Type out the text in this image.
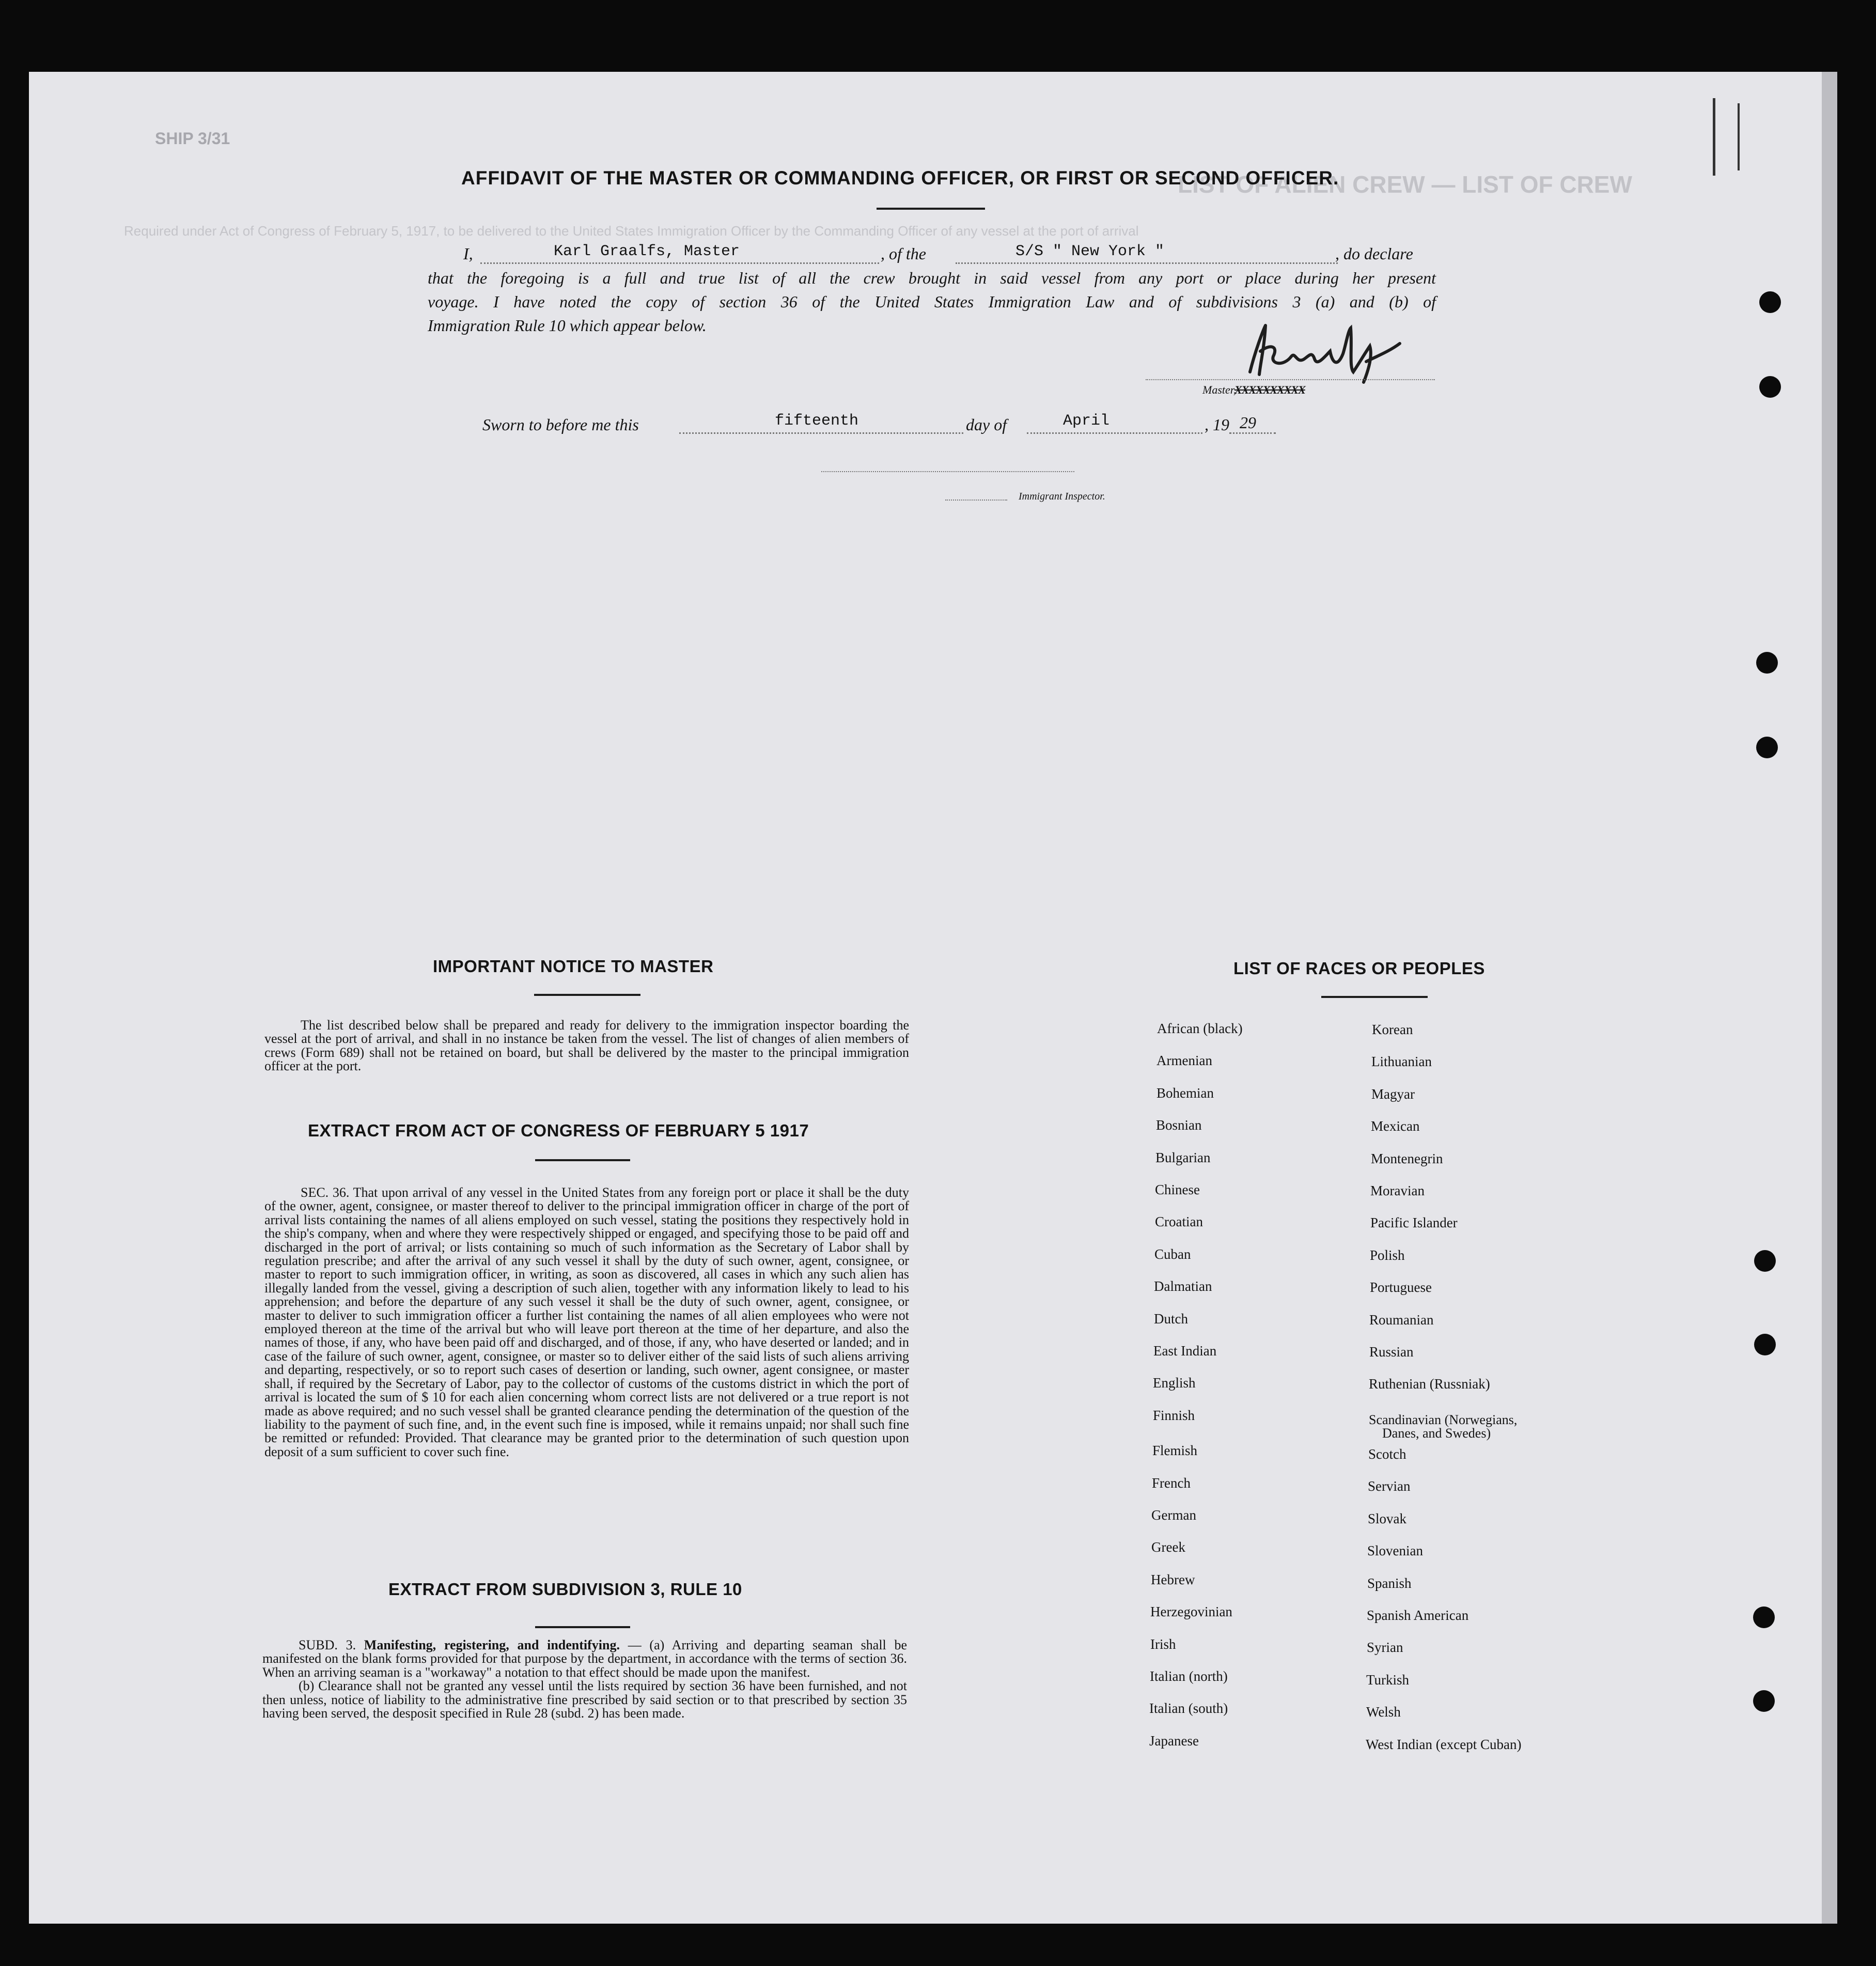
SHIP 3/31
LIST OF ALIEN CREW — LIST OF CREW
Required under Act of Congress of February 5, 1917, to be delivered to the United States Immigration Officer by the Commanding Officer of any vessel at the port of arrival
AFFIDAVIT OF THE MASTER OR COMMANDING OFFICER, OR FIRST OR SECOND OFFICER.
I,	Karl Graalfs, Master	, of the	S/S " New York "	, do declare
that the foregoing is a full and true list of all the crew brought in said vessel from any port or place during her present
voyage. I have noted the copy of section 36 of the United States Immigration Law and of subdivisions 3 (a) and (b) of
Immigration Rule 10 which appear below.
Master,
XXXXXXXXXX
Sworn to before me this	fifteenth	day of	April	, 19 29
Immigrant Inspector.
IMPORTANT NOTICE TO MASTER

The list described below shall be prepared and ready for delivery to the immigration inspector boarding the vessel at the port of arrival, and shall in no instance be taken from the vessel. The list of changes of alien members of crews (Form 689) shall not be retained on board, but shall be delivered by the master to the principal immigration officer at the port.

EXTRACT FROM ACT OF CONGRESS OF FEBRUARY 5 1917

SEC. 36. That upon arrival of any vessel in the United States from any foreign port or place it shall be the duty of the owner, agent, consignee, or master thereof to deliver to the principal immigration officer in charge of the port of arrival lists containing the names of all aliens employed on such vessel, stating the positions they respectively hold in the ship's company, when and where they were respectively shipped or engaged, and specifying those to be paid off and discharged in the port of arrival; or lists containing so much of such information as the Secretary of Labor shall by regulation prescribe; and after the arrival of any such vessel it shall by the duty of such owner, agent, consignee, or master to report to such immigration officer, in writing, as soon as discovered, all cases in which any such alien has illegally landed from the vessel, giving a description of such alien, together with any information likely to lead to his apprehension; and before the departure of any such vessel it shall be the duty of such owner, agent, consignee, or master to deliver to such immigration officer a further list containing the names of all alien employees who were not employed thereon at the time of the arrival but who will leave port thereon at the time of her departure, and also the names of those, if any, who have been paid off and discharged, and of those, if any, who have deserted or landed; and in case of the failure of such owner, agent, consignee, or master so to deliver either of the said lists of such aliens arriving and departing, respectively, or so to report such cases of desertion or landing, such owner, agent consignee, or master shall, if required by the Secretary of Labor, pay to the collector of customs of the customs district in which the port of arrival is located the sum of $ 10 for each alien concerning whom correct lists are not delivered or a true report is not made as above required; and no such vessel shall be granted clearance pending the determination of the question of the liability to the payment of such fine, and, in the event such fine is imposed, while it remains unpaid; nor shall such fine be remitted or refunded: Provided. That clearance may be granted prior to the determination of such question upon deposit of a sum sufficient to cover such fine.

EXTRACT FROM SUBDIVISION 3, RULE 10

SUBD. 3. Manifesting, registering, and indentifying. — (a) Arriving and departing seaman shall be manifested on the blank forms provided for that purpose by the department, in accordance with the terms of section 36. When an arriving seaman is a "workaway" a notation to that effect should be made upon the manifest.

(b) Clearance shall not be granted any vessel until the lists required by section 36 have been furnished, and not then unless, notice of liability to the administrative fine prescribed by said section or to that prescribed by section 35 having been served, the desposit specified in Rule 28 (subd. 2) has been made.

LIST OF RACES OR PEOPLES
African (black)
Armenian
Bohemian
Bosnian
Bulgarian
Chinese
Croatian
Cuban
Dalmatian
Dutch
East Indian
English
Finnish
Flemish
French
German
Greek
Hebrew
Herzegovinian
Irish
Italian (north)
Italian (south)
Japanese
Korean
Lithuanian
Magyar
Mexican
Montenegrin
Moravian
Pacific Islander
Polish
Portuguese
Roumanian
Russian
Ruthenian (Russniak)
Scandinavian (Norwegians,
Danes, and Swedes)
Scotch
Servian
Slovak
Slovenian
Spanish
Spanish American
Syrian
Turkish
Welsh
West Indian (except Cuban)
